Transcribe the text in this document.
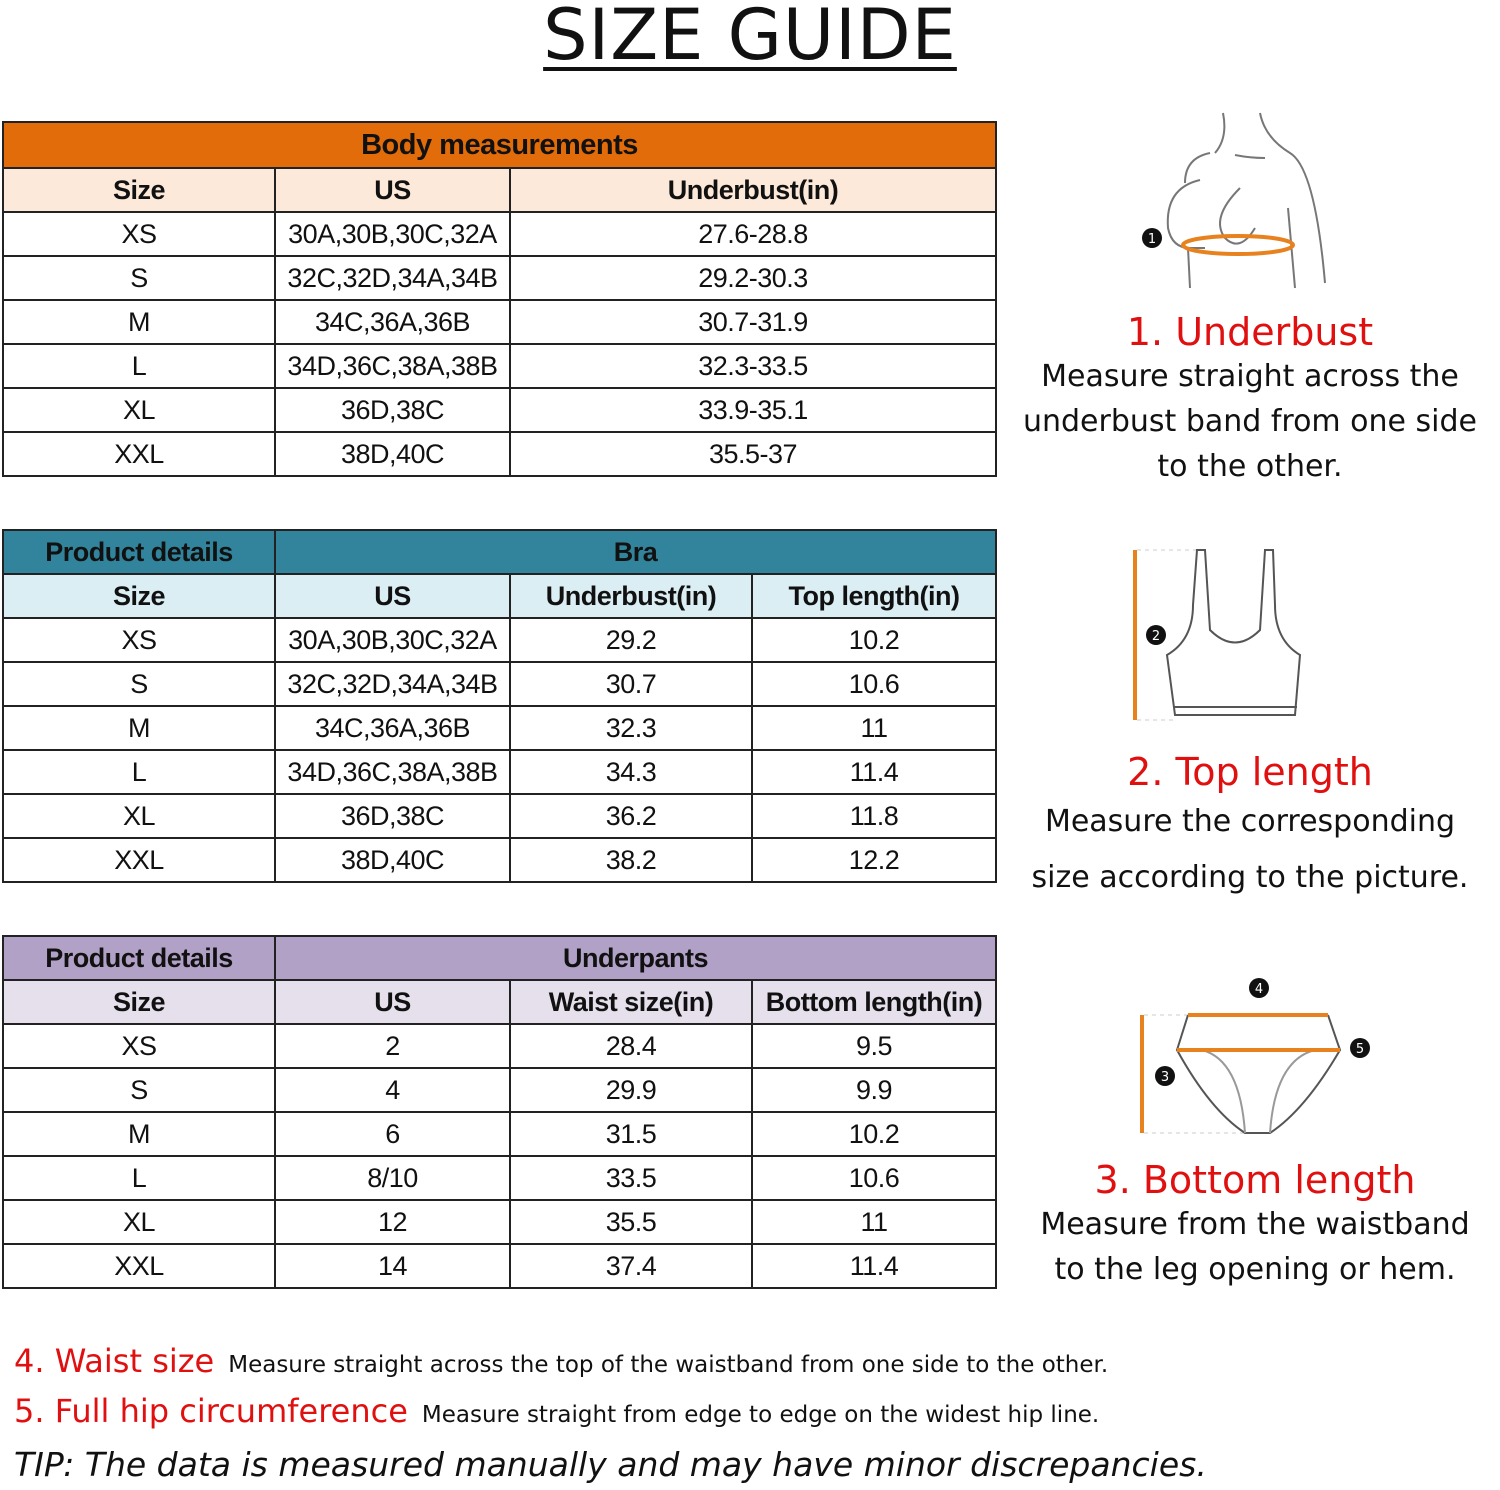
SIZE GUIDE
Body measurements		
Size	US	Underbust(in)
XS	30A,30B,30C,32A	27.6-28.8
S	32C,32D,34A,34B	29.2-30.3
M	34C,36A,36B	30.7-31.9
L	34D,36C,38A,38B	32.3-33.5
XL	36D,38C	33.9-35.1
XXL	38D,40C	35.5-37
Product details	Bra		
Size	US	Underbust(in)	Top length(in)
XS	30A,30B,30C,32A	29.2	10.2
S	32C,32D,34A,34B	30.7	10.6
M	34C,36A,36B	32.3	11
L	34D,36C,38A,38B	34.3	11.4
XL	36D,38C	36.2	11.8
XXL	38D,40C	38.2	12.2
Product details	Underpants		
Size	US	Waist size(in)	Bottom length(in)
XS	2	28.4	9.5
S	4	29.9	9.9
M	6	31.5	10.2
L	8/10	33.5	10.6
XL	12	35.5	11
XXL	14	37.4	11.4
1
2
4
5
3
1. Underbust

Measure straight across the

underbust band from one side

to the other.

2. Top length

Measure the corresponding

size according to the picture.

3. Bottom length

Measure from the waistband

to the leg opening or hem.

4. Waist size Measure straight across the top of the waistband from one side to the other.
5. Full hip circumference Measure straight from edge to edge on the widest hip line.
TIP: The data is measured manually and may have minor discrepancies.
